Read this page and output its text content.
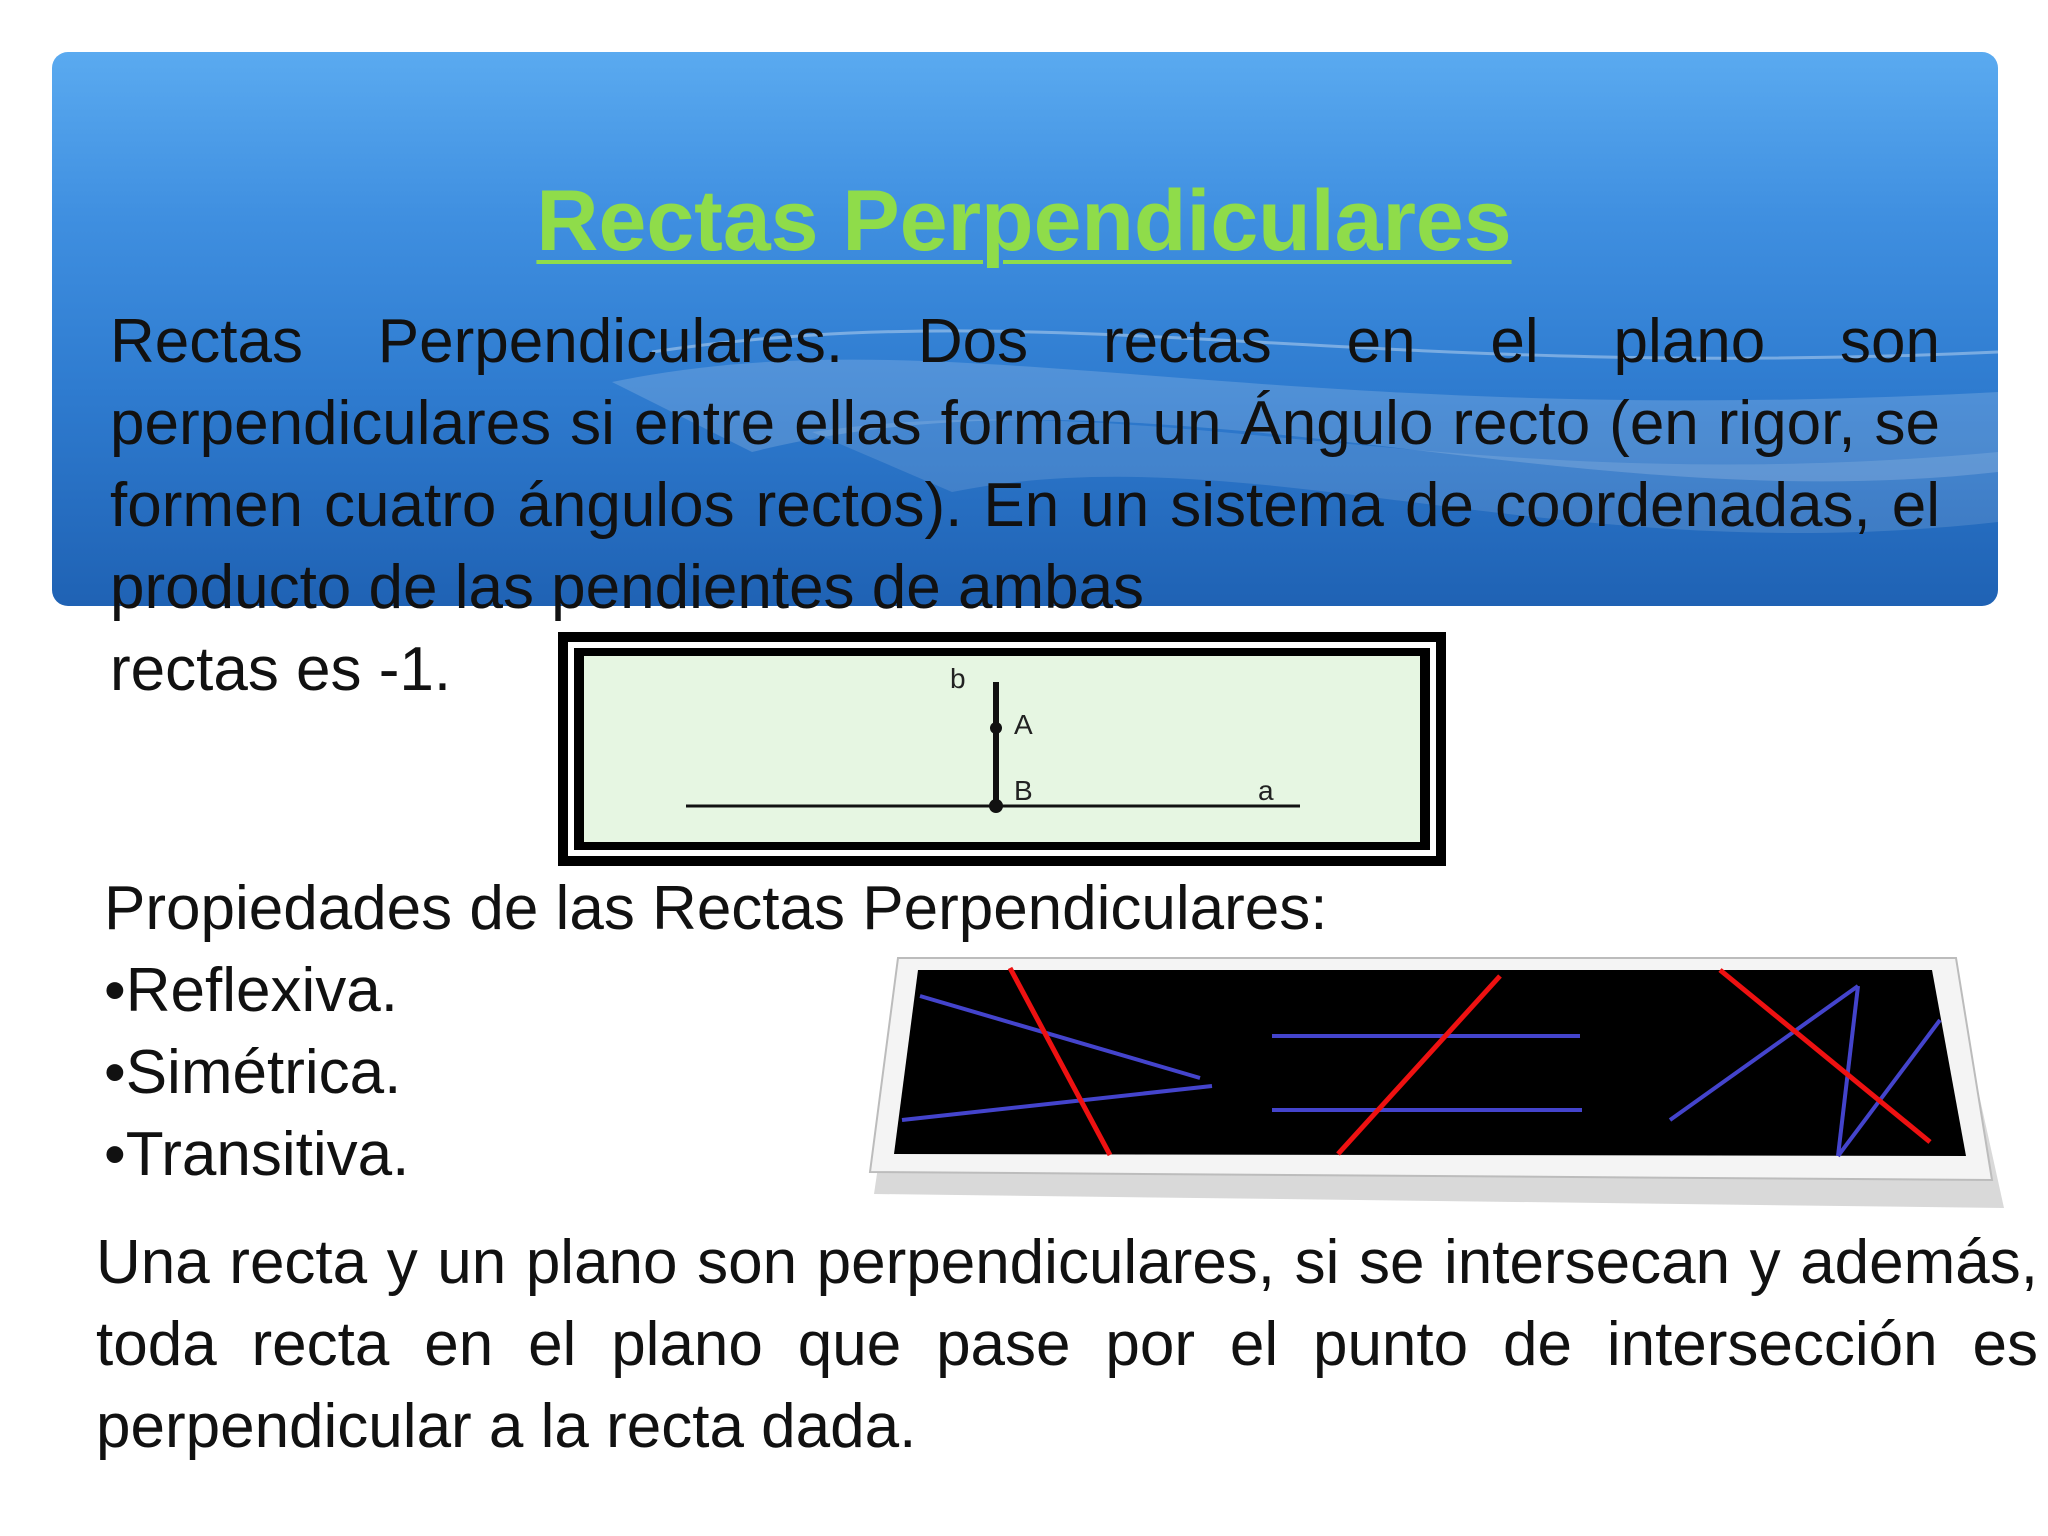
Rectas Perpendiculares

Rectas Perpendiculares. Dos rectas en el plano son perpendiculares si entre ellas forman un Ángulo recto (en rigor, se formen cuatro ángulos rectos). En un sistema de coordenadas, el producto de las pendientes de ambas

rectas es -1.	b
A
B	a
Propiedades de las Rectas Perpendiculares:
•Reflexiva.
•Simétrica.
•Transitiva.

Una recta y un plano son perpendiculares, si se intersecan y además, toda recta en el plano que pase por el punto de intersección es perpendicular a la recta dada.
